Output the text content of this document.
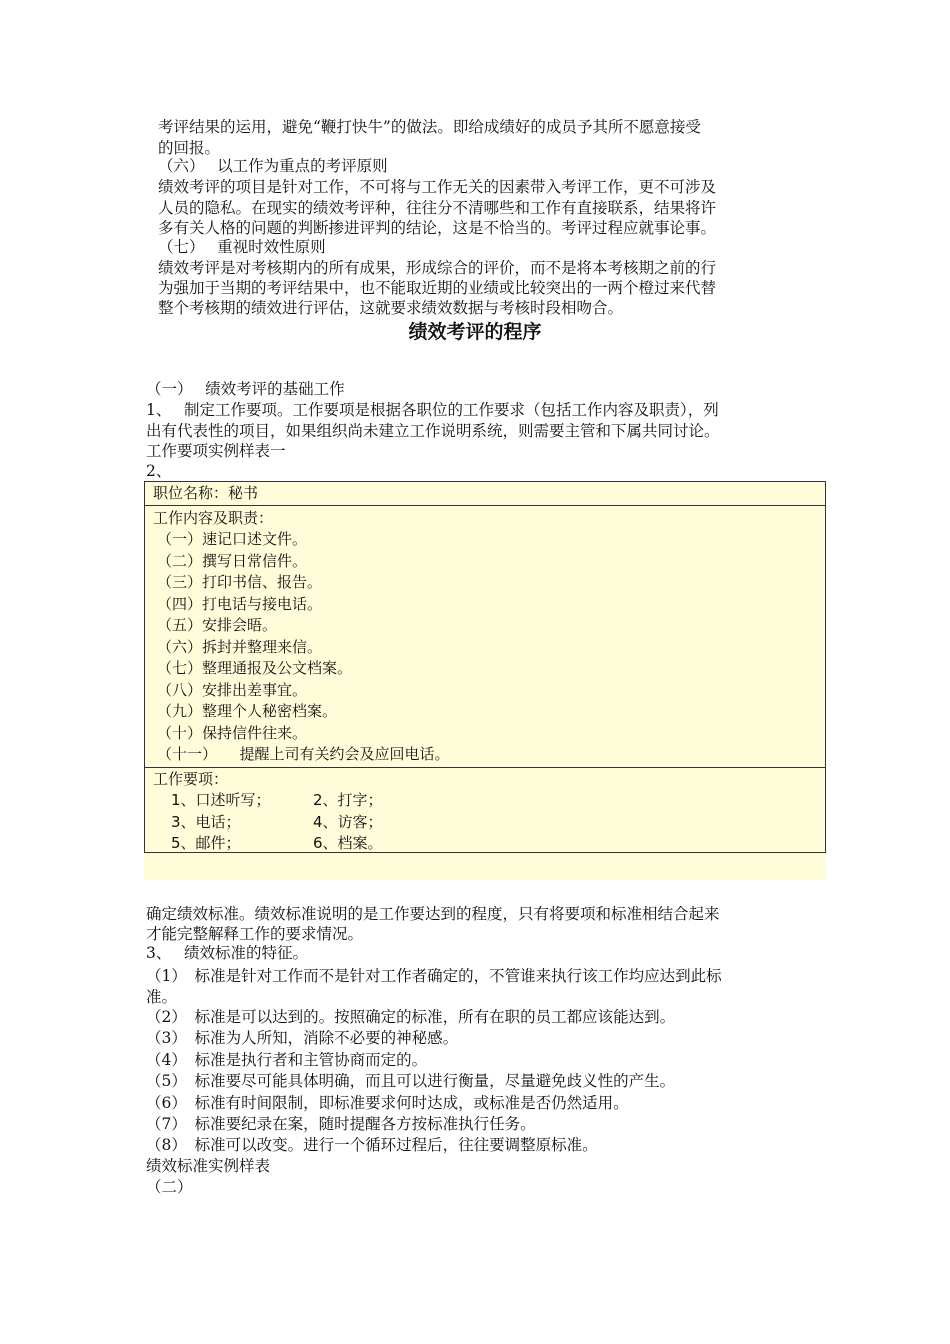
考评结果的运用，避免“鞭打快牛”的做法。即给成绩好的成员予其所不愿意接受
的回报。
（六）　 以工作为重点的考评原则
绩效考评的项目是针对工作，不可将与工作无关的因素带入考评工作，更不可涉及
人员的隐私。在现实的绩效考评种，往往分不清哪些和工作有直接联系，结果将许
多有关人格的问题的判断掺进评判的结论，这是不恰当的。考评过程应就事论事。
（七）　 重视时效性原则
绩效考评是对考核期内的所有成果，形成综合的评价，而不是将本考核期之前的行
为强加于当期的考评结果中，也不能取近期的业绩或比较突出的一两个橙过来代替
整个考核期的绩效进行评估，这就要求绩效数据与考核时段相吻合。
绩效考评的程序
（一）　 绩效考评的基础工作
1、　 制定工作要项。工作要项是根据各职位的工作要求（包括工作内容及职责），列
出有代表性的项目，如果组织尚未建立工作说明系统，则需要主管和下属共同讨论。
工作要项实例样表一
2、
职位名称：秘书
工作内容及职责：
（一）速记口述文件。
（二）撰写日常信件。
（三）打印书信、报告。
（四）打电话与接电话。
（五）安排会晤。
（六）拆封并整理来信。
（七）整理通报及公文档案。
（八）安排出差事宜。
（九）整理个人秘密档案。
（十）保持信件往来。
（十一）　　提醒上司有关约会及应回电话。
工作要项：
1、口述听写；	2、打字；
3、电话；	4、访客；
5、邮件；	6、档案。
确定绩效标准。绩效标准说明的是工作要达到的程度，只有将要项和标准相结合起来
才能完整解释工作的要求情况。
3、　 绩效标准的特征。
（1）　标准是针对工作而不是针对工作者确定的，不管谁来执行该工作均应达到此标
准。
（2）　标准是可以达到的。按照确定的标准，所有在职的员工都应该能达到。
（3）　标准为人所知，消除不必要的神秘感。
（4）　标准是执行者和主管协商而定的。
（5）　标准要尽可能具体明确，而且可以进行衡量，尽量避免歧义性的产生。
（6）　标准有时间限制，即标准要求何时达成，或标准是否仍然适用。
（7）　标准要纪录在案，随时提醒各方按标准执行任务。
（8）　标准可以改变。进行一个循环过程后，往往要调整原标准。
绩效标准实例样表
（二）
